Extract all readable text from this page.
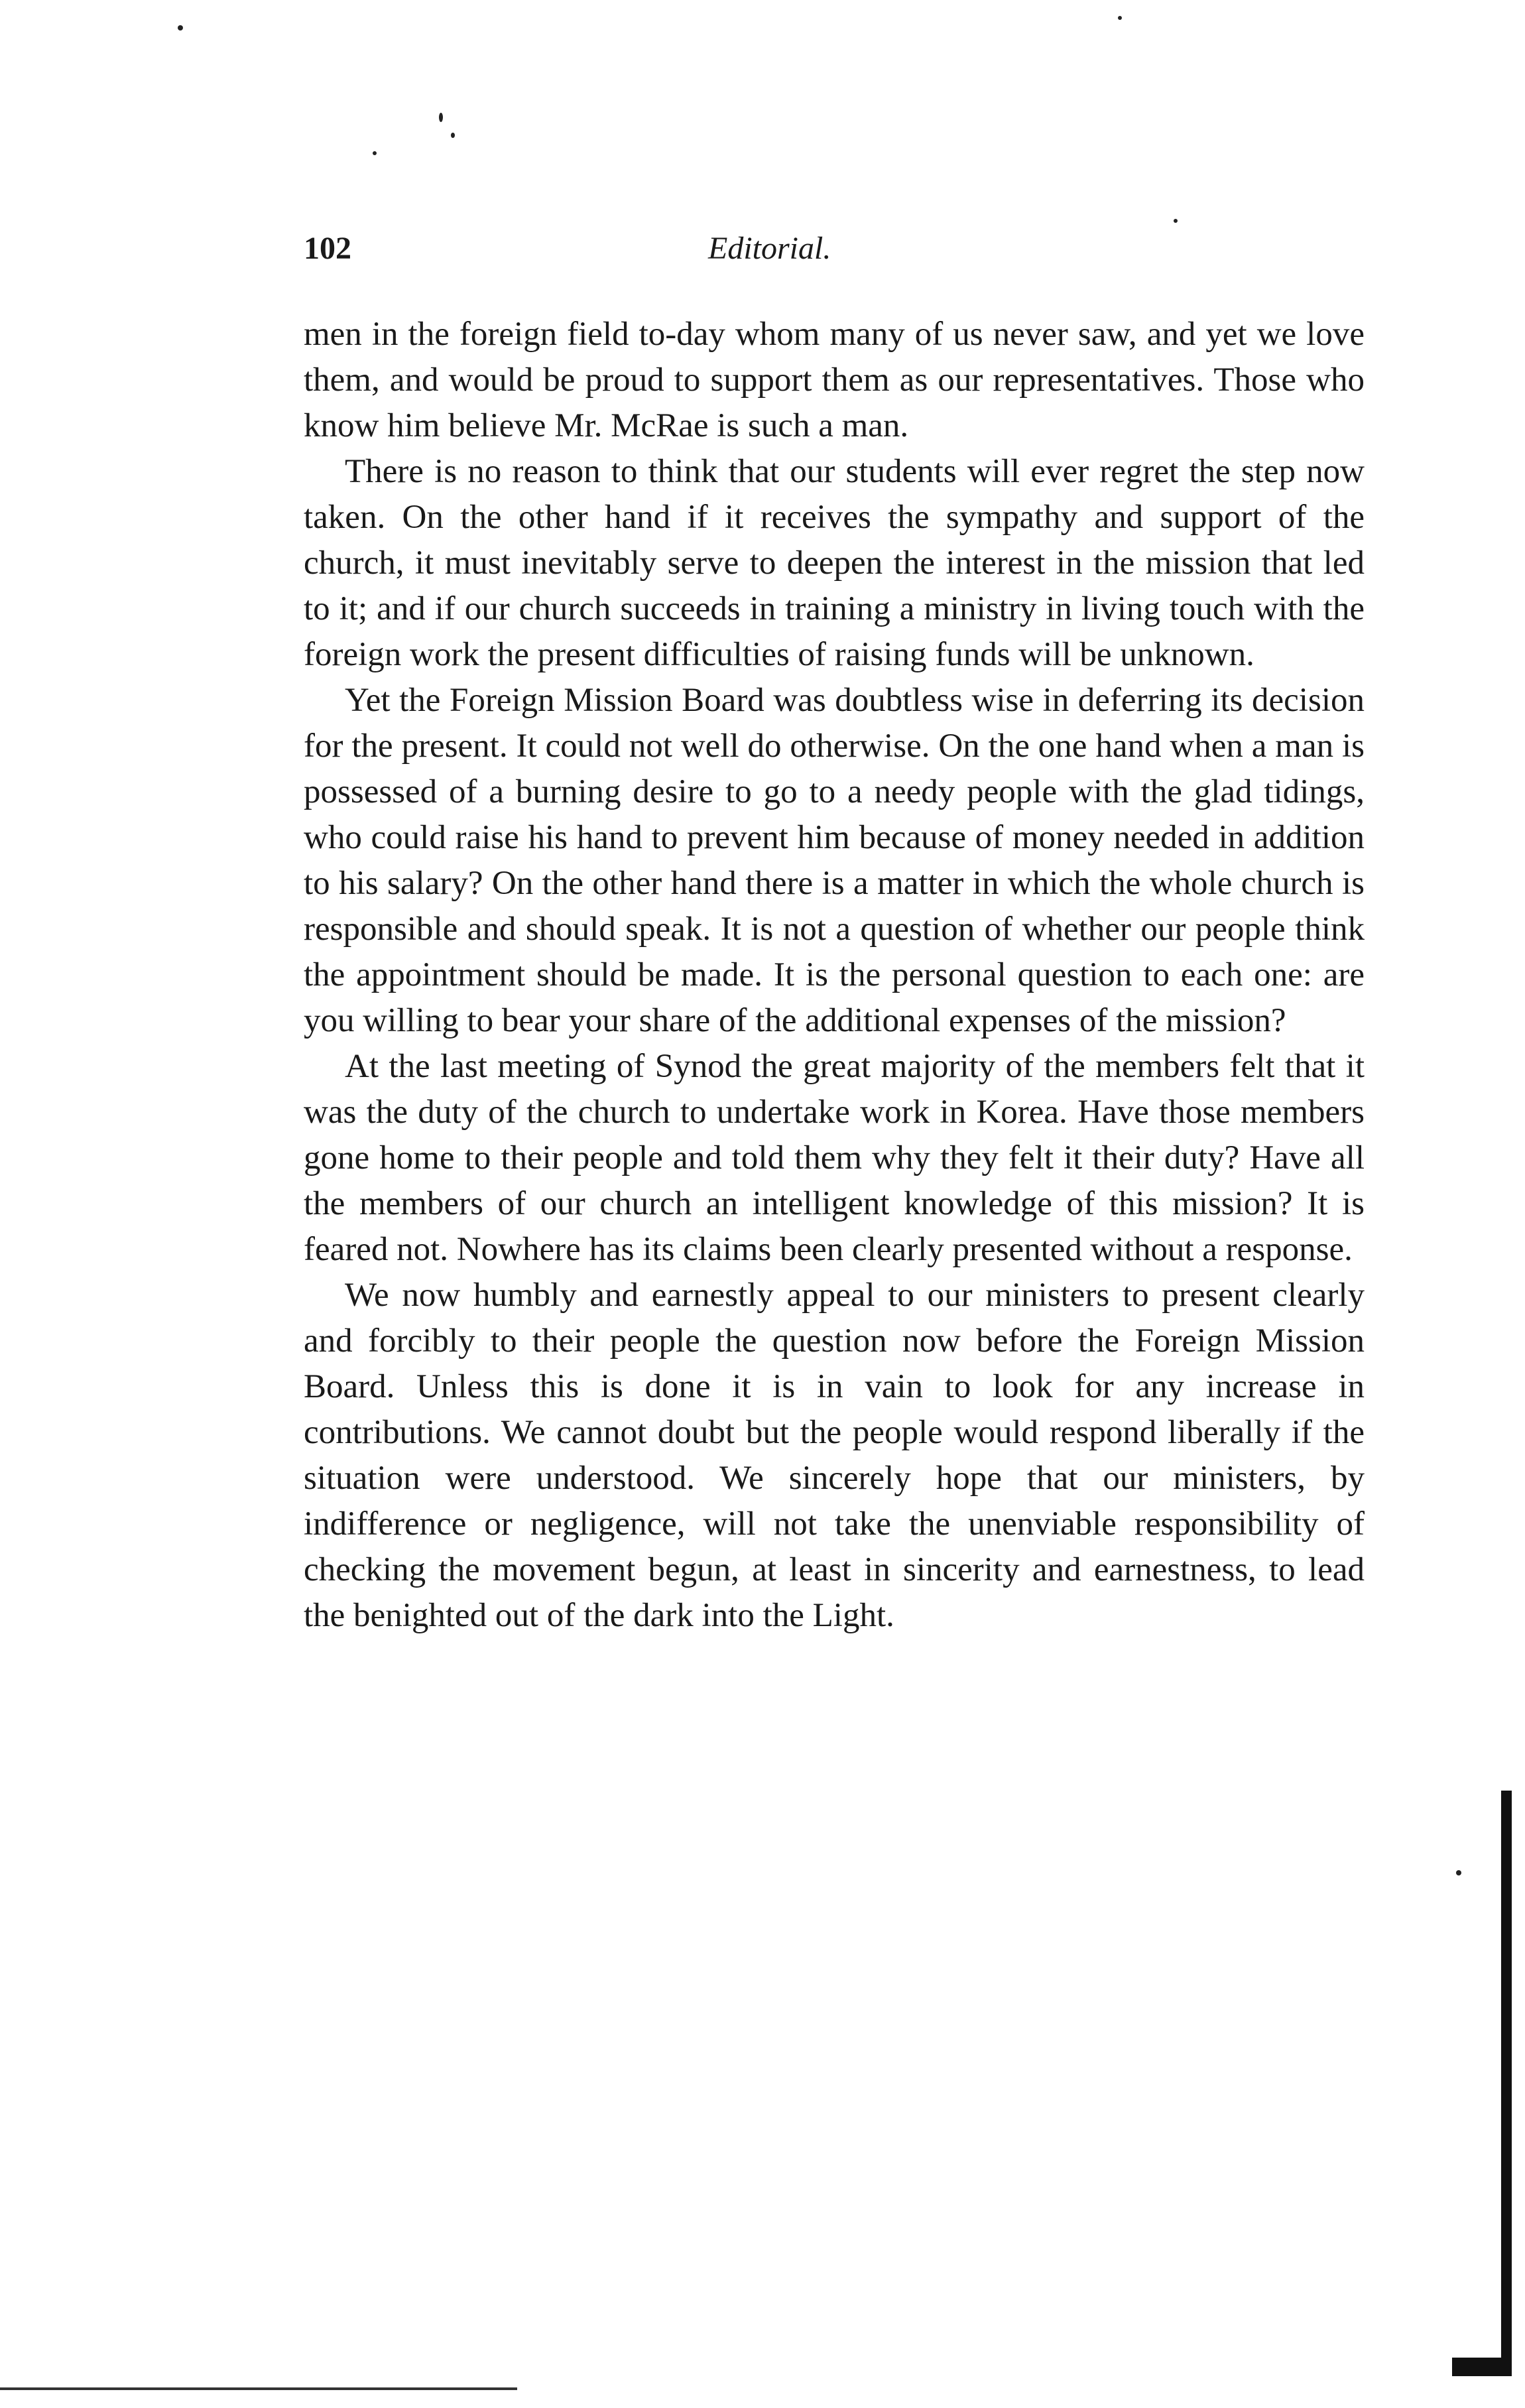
102	Editorial.

men in the foreign field to-day whom many of us never saw, and yet we love them, and would be proud to support them as our representatives. Those who know him believe Mr. McRae is such a man.

There is no reason to think that our students will ever regret the step now taken. On the other hand if it receives the sympathy and support of the church, it must inevitably serve to deepen the interest in the mission that led to it; and if our church succeeds in training a ministry in living touch with the foreign work the present difficulties of raising funds will be unknown.

Yet the Foreign Mission Board was doubtless wise in deferring its decision for the present. It could not well do otherwise. On the one hand when a man is possessed of a burning desire to go to a needy people with the glad tidings, who could raise his hand to prevent him because of money needed in addition to his salary? On the other hand there is a matter in which the whole church is responsible and should speak. It is not a question of whether our people think the appointment should be made. It is the personal question to each one: are you willing to bear your share of the additional expenses of the mission?

At the last meeting of Synod the great majority of the members felt that it was the duty of the church to undertake work in Korea. Have those members gone home to their people and told them why they felt it their duty? Have all the members of our church an intelligent knowledge of this mission? It is feared not. Nowhere has its claims been clearly presented without a response.

We now humbly and earnestly appeal to our ministers to present clearly and forcibly to their people the question now before the Foreign Mission Board. Unless this is done it is in vain to look for any increase in contributions. We cannot doubt but the people would respond liberally if the situation were understood. We sincerely hope that our ministers, by indifference or negligence, will not take the unenviable responsibility of checking the movement begun, at least in sincerity and earnestness, to lead the benighted out of the dark into the Light.
